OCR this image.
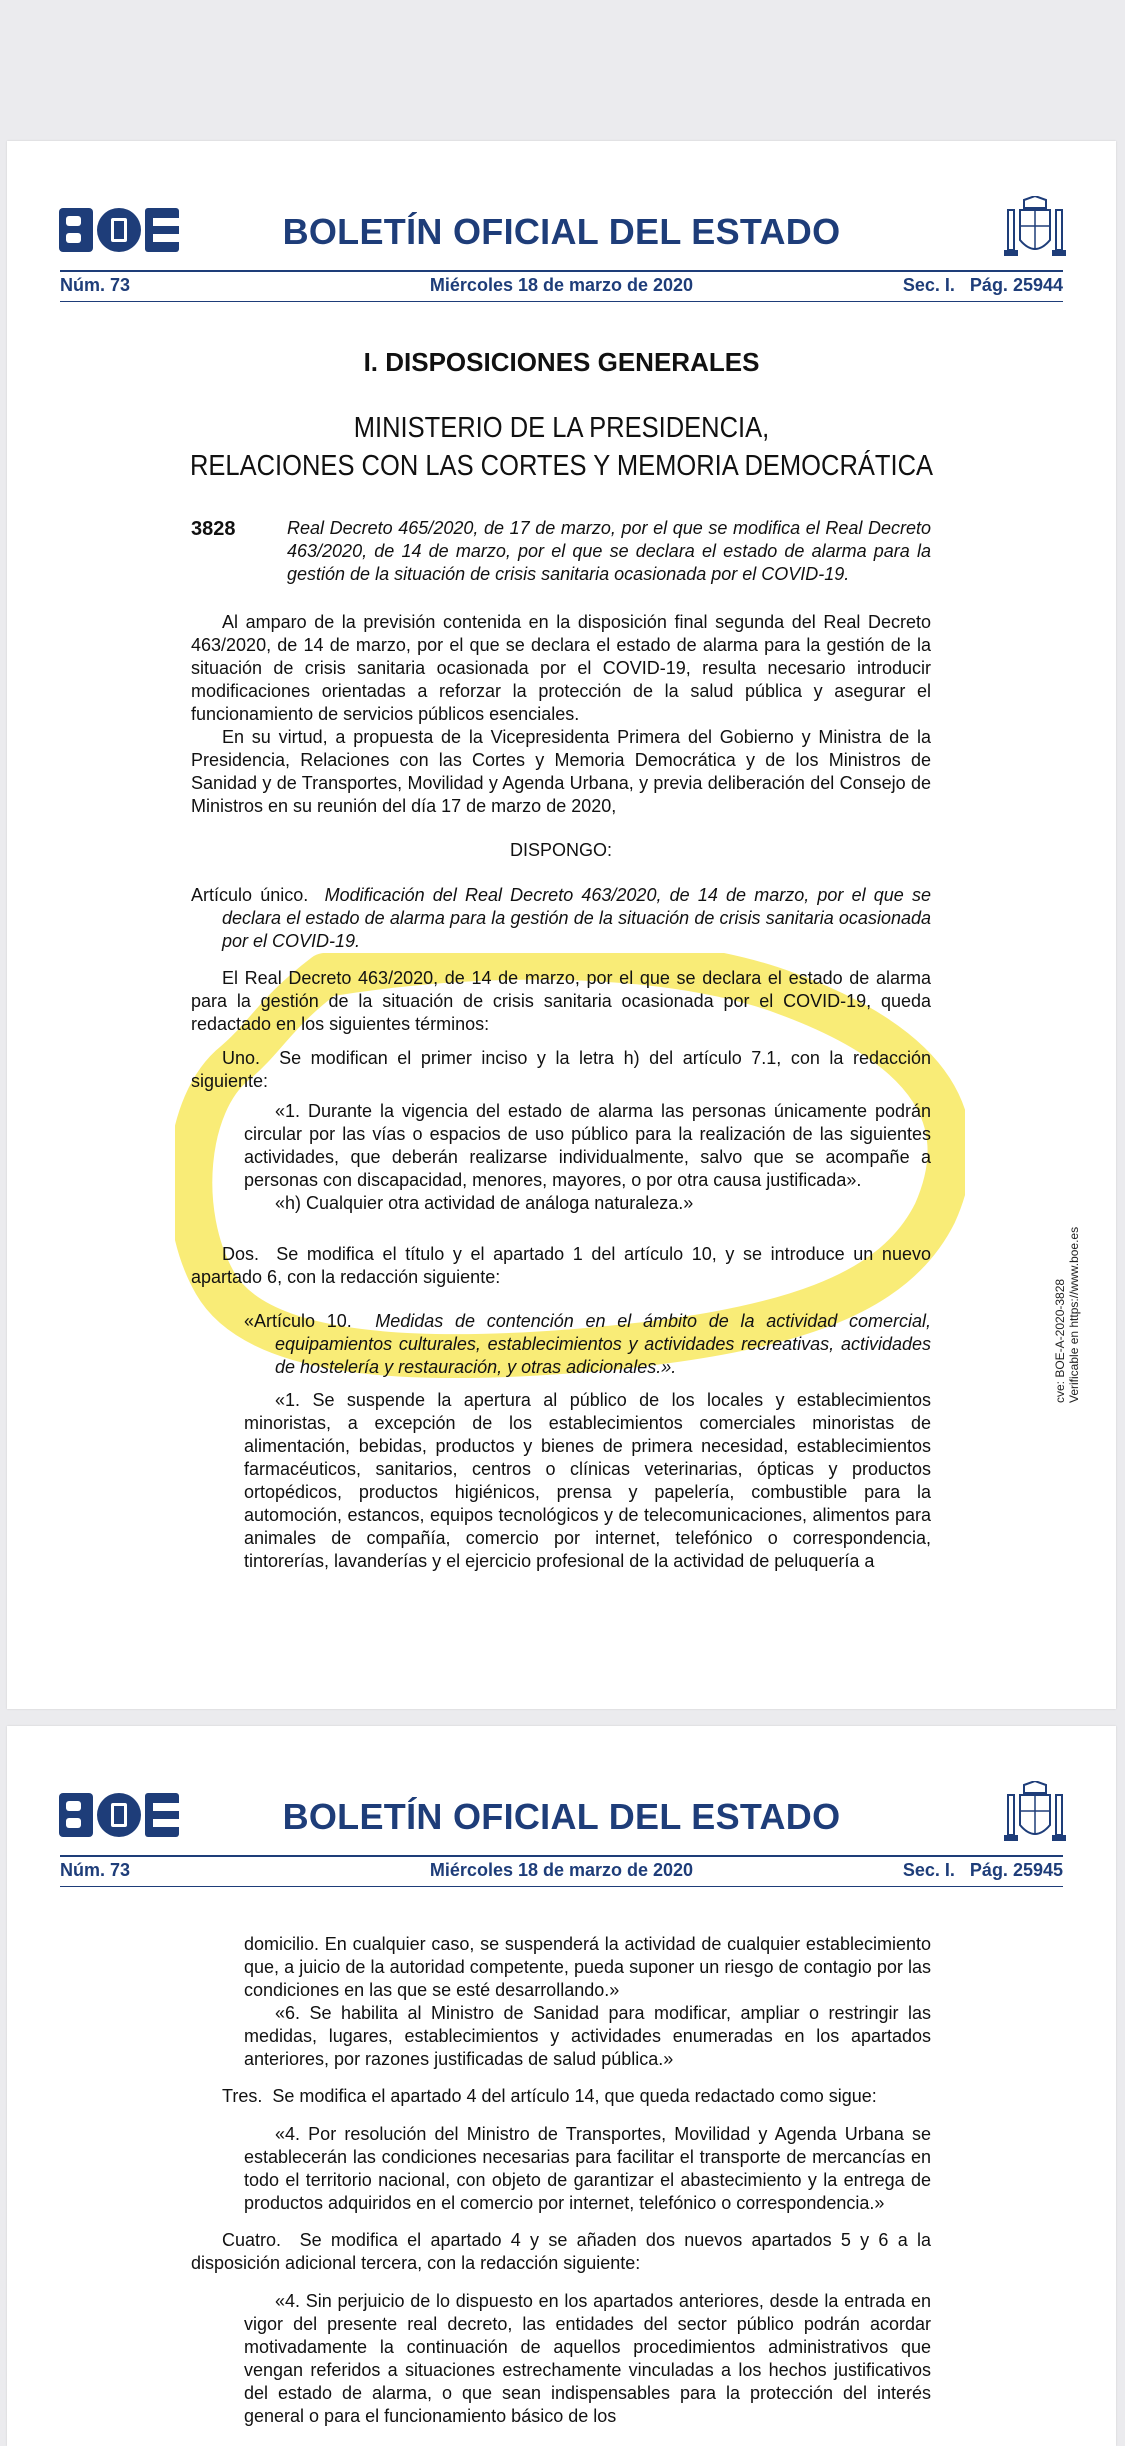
BOLETÍN OFICIAL DEL ESTADO
Núm. 73	Miércoles 18 de marzo de 2020	Sec. I.   Pág. 25944
I. DISPOSICIONES GENERALES
MINISTERIO DE LA PRESIDENCIA,
RELACIONES CON LAS CORTES Y MEMORIA DEMOCRÁTICA
3828	Real Decreto 465/2020, de 17 de marzo, por el que se modifica el Real Decreto 463/2020, de 14 de marzo, por el que se declara el estado de alarma para la gestión de la situación de crisis sanitaria ocasionada por el COVID-19.

Al amparo de la previsión contenida en la disposición final segunda del Real Decreto 463/2020, de 14 de marzo, por el que se declara el estado de alarma para la gestión de la situación de crisis sanitaria ocasionada por el COVID-19, resulta necesario introducir modificaciones orientadas a reforzar la protección de la salud pública y asegurar el funcionamiento de servicios públicos esenciales.

En su virtud, a propuesta de la Vicepresidenta Primera del Gobierno y Ministra de la Presidencia, Relaciones con las Cortes y Memoria Democrática y de los Ministros de Sanidad y de Transportes, Movilidad y Agenda Urbana, y previa deliberación del Consejo de Ministros en su reunión del día 17 de marzo de 2020,

DISPONGO:

Artículo único. Modificación del Real Decreto 463/2020, de 14 de marzo, por el que se declara el estado de alarma para la gestión de la situación de crisis sanitaria ocasionada por el COVID-19.

El Real Decreto 463/2020, de 14 de marzo, por el que se declara el estado de alarma para la gestión de la situación de crisis sanitaria ocasionada por el COVID-19, queda redactado en los siguientes términos:

Uno. Se modifican el primer inciso y la letra h) del artículo 7.1, con la redacción siguiente:

«1. Durante la vigencia del estado de alarma las personas únicamente podrán circular por las vías o espacios de uso público para la realización de las siguientes actividades, que deberán realizarse individualmente, salvo que se acompañe a personas con discapacidad, menores, mayores, o por otra causa justificada».

«h) Cualquier otra actividad de análoga naturaleza.»

Dos. Se modifica el título y el apartado 1 del artículo 10, y se introduce un nuevo apartado 6, con la redacción siguiente:

«Artículo 10. Medidas de contención en el ámbito de la actividad comercial, equipamientos culturales, establecimientos y actividades recreativas, actividades de hostelería y restauración, y otras adicionales.».

«1. Se suspende la apertura al público de los locales y establecimientos minoristas, a excepción de los establecimientos comerciales minoristas de alimentación, bebidas, productos y bienes de primera necesidad, establecimientos farmacéuticos, sanitarios, centros o clínicas veterinarias, ópticas y productos ortopédicos, productos higiénicos, prensa y papelería, combustible para la automoción, estancos, equipos tecnológicos y de telecomunicaciones, alimentos para animales de compañía, comercio por internet, telefónico o correspondencia, tintorerías, lavanderías y el ejercicio profesional de la actividad de peluquería a

cve: BOE-A-2020-3828 Verificable en https://www.boe.es
BOLETÍN OFICIAL DEL ESTADO
Núm. 73	Miércoles 18 de marzo de 2020	Sec. I.   Pág. 25945

domicilio. En cualquier caso, se suspenderá la actividad de cualquier establecimiento que, a juicio de la autoridad competente, pueda suponer un riesgo de contagio por las condiciones en las que se esté desarrollando.»

«6. Se habilita al Ministro de Sanidad para modificar, ampliar o restringir las medidas, lugares, establecimientos y actividades enumeradas en los apartados anteriores, por razones justificadas de salud pública.»

Tres. Se modifica el apartado 4 del artículo 14, que queda redactado como sigue:

«4. Por resolución del Ministro de Transportes, Movilidad y Agenda Urbana se establecerán las condiciones necesarias para facilitar el transporte de mercancías en todo el territorio nacional, con objeto de garantizar el abastecimiento y la entrega de productos adquiridos en el comercio por internet, telefónico o correspondencia.»

Cuatro. Se modifica el apartado 4 y se añaden dos nuevos apartados 5 y 6 a la disposición adicional tercera, con la redacción siguiente:

«4. Sin perjuicio de lo dispuesto en los apartados anteriores, desde la entrada en vigor del presente real decreto, las entidades del sector público podrán acordar motivadamente la continuación de aquellos procedimientos administrativos que vengan referidos a situaciones estrechamente vinculadas a los hechos justificativos del estado de alarma, o que sean indispensables para la protección del interés general o para el funcionamiento básico de los
